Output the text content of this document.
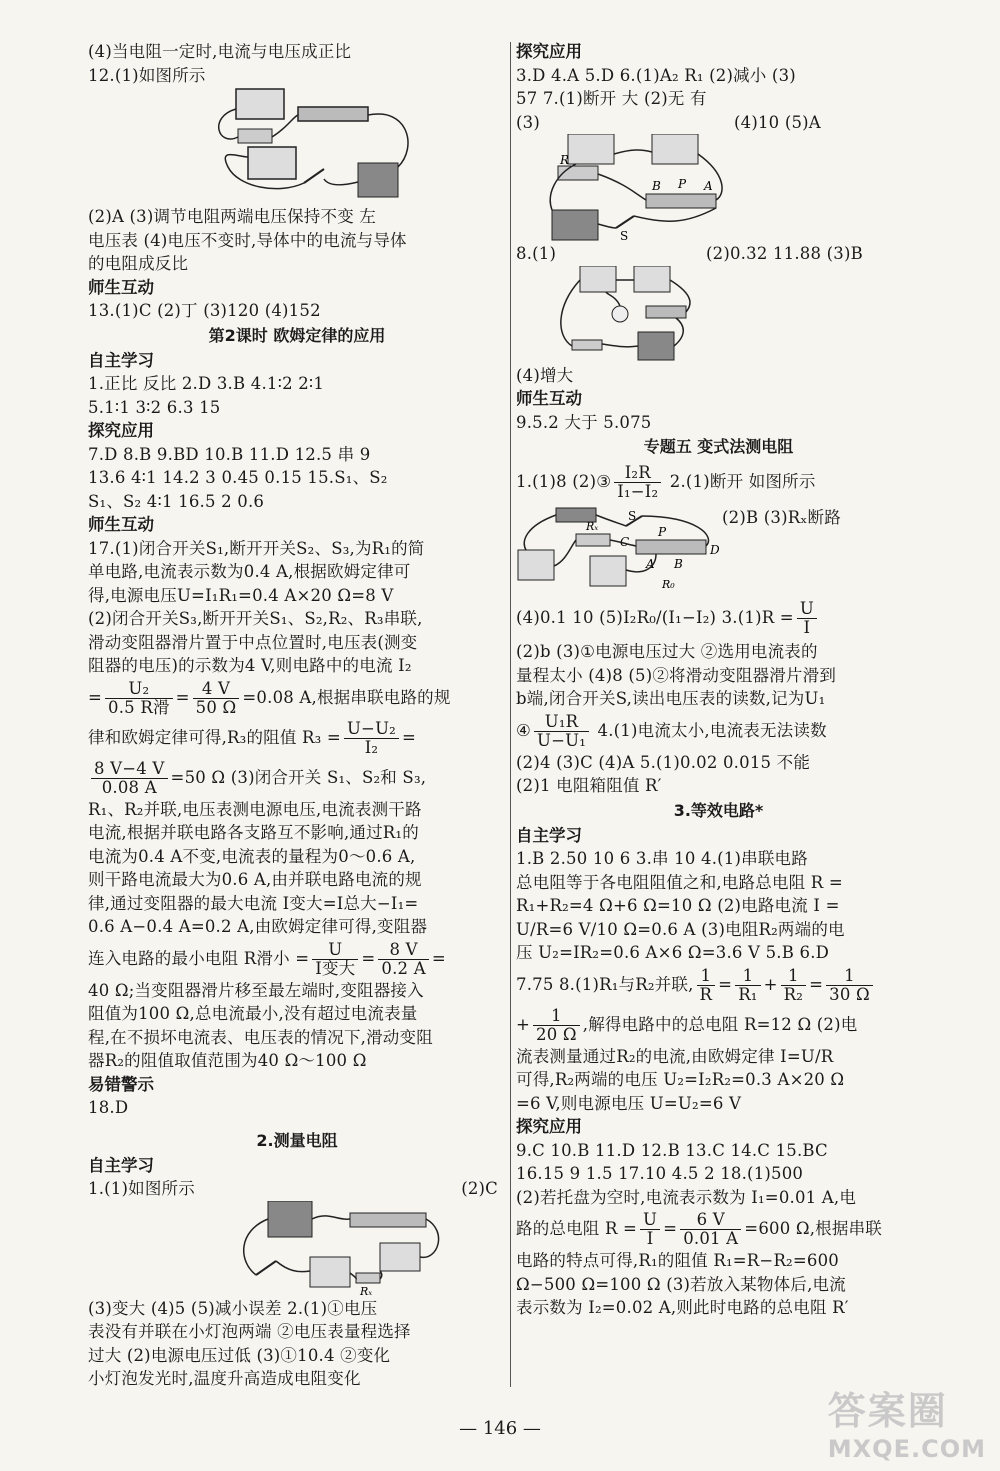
(4)当电阻一定时,电流与电压成正比
12.(1)如图所示
(2)A (3)调节电阻两端电压保持不变 左
电压表 (4)电压不变时,导体中的电流与导体
的电阻成反比
师生互动
13.(1)C (2)丁 (3)120 (4)152
第2课时 欧姆定律的应用
自主学习
1.正比 反比 2.D 3.B 4.1∶2 2∶1
5.1∶1 3∶2 6.3 15
探究应用
7.D 8.B 9.BD 10.B 11.D 12.5 串 9
13.6 4∶1 14.2 3 0.45 0.15 15.S₁、S₂
S₁、S₂ 4∶1 16.5 2 0.6
师生互动
17.(1)闭合开关S₁,断开开关S₂、S₃,为R₁的简
单电路,电流表示数为0.4 A,根据欧姆定律可
得,电源电压U=I₁R₁=0.4 A×20 Ω=8 V
(2)闭合开关S₃,断开开关S₁、S₂,R₂、R₃串联,
滑动变阻器滑片置于中点位置时,电压表(测变
阻器的电压)的示数为4 V,则电路中的电流 I₂
= $\frac{\text{U₂}}{\text{0.5 R滑}} = \frac{4 V}{50 \Omega} =0.08$ A,根据串联电路的规
律和欧姆定律可得,R₃的阻值 $R_3 = \frac{\text{U−U₂}}{\text{I₂}}$ =
$\frac{8 V-4 V}{0.08 A} =50$ Ω (3)闭合开关 S₁、S₂和 S₃,
R₁、R₂并联,电压表测电源电压,电流表测干路
电流,根据并联电路各支路互不影响,通过R₁的
电流为0.4 A不变,电流表的量程为0～0.6 A,
则干路电流最大为0.6 A,由并联电路电流的规
律,通过变阻器的最大电流 I变大=I总大−I₁=
0.6 A−0.4 A=0.2 A,由欧姆定律可得,变阻器
连入电路的最小电阻 R滑小 = $\frac{U}{\text{I变大}} = \frac{8 V}{0.2 A}$ =
40 Ω;当变阻器滑片移至最左端时,变阻器接入
阻值为100 Ω,总电流最小,没有超过电流表量
程,在不损坏电流表、电压表的情况下,滑动变阻
器R₂的阻值取值范围为40 Ω～100 Ω
易错警示
18.D
2.测量电阻
自主学习
1.(1)如图所示	(2)C
Rₓ
(3)变大 (4)5 (5)减小误差 2.(1)①电压
表没有并联在小灯泡两端 ②电压表量程选择
过大 (2)电源电压过低 (3)①10.4 ②变化
小灯泡发光时,温度升高造成电阻变化
探究应用
3.D 4.A 5.D 6.(1)A₂ R₁ (2)减小 (3)
57 7.(1)断开 大 (2)无 有
(3)	(4)10 (5)A
R
B P A
S
8.(1)	(2)0.32 11.88 (3)B
(4)增大
师生互动
9.5.2 大于 5.075
专题五 变式法测电阻
1.(1)8 (2)③ $\frac{\text{I₂R}}{\text{I₁−I₂}} 2.(1)$断开 如图所示
(2)B (3)Rₓ断路
S
P
C
D
A B
Rₓ
R₀
(4)0.1 10 (5)I₂R₀/(I₁−I₂) $3.(1)R = \frac{U}{I}$
(2)b (3)①电源电压过大 ②选用电流表的
量程太小 (4)8 (5)②将滑动变阻器滑片滑到
b端,闭合开关S,读出电压表的读数,记为U₁
④ $\frac{\text{U₁R}}{\text{U−U₁}} 4.(1)$电流太小,电流表无法读数
(2)4 (3)C (4)A 5.(1)0.02 0.015 不能
(2)1 电阻箱阻值 R′
3.等效电路*
自主学习
1.B 2.50 10 6 3.串 10 4.(1)串联电路
总电阻等于各电阻阻值之和,电路总电阻 R =
R₁+R₂=4 Ω+6 Ω=10 Ω (2)电路电流 I =
U/R=6 V/10 Ω=0.6 A (3)电阻R₂两端的电
压 U₂=IR₂=0.6 A×6 Ω=3.6 V 5.B 6.D
7.75 8.(1)R₁与R₂并联, $\frac{1}{R} = \frac{1}{\text{R₁}} + \frac{1}{\text{R₂}} = \frac{1}{30 \Omega}$
+ $\frac{1}{20 \Omega}$ ,解得电路中的总电阻 R=12 Ω (2)电
流表测量通过R₂的电流,由欧姆定律 I=U/R
可得,R₂两端的电压 U₂=I₂R₂=0.3 A×20 Ω
=6 V,则电源电压 U=U₂=6 V
探究应用
9.C 10.B 11.D 12.B 13.C 14.C 15.BC
16.15 9 1.5 17.10 4.5 2 18.(1)500
(2)若托盘为空时,电流表示数为 I₁=0.01 A,电
路的总电阻 $R = \frac{U}{I} = \frac{6 V}{0.01 A} =600$ Ω,根据串联
电路的特点可得,R₁的阻值 R₁=R−R₂=600
Ω−500 Ω=100 Ω (3)若放入某物体后,电流
表示数为 I₂=0.02 A,则此时电路的总电阻 R′
— 146 —	答案圈
MXQE.COM
